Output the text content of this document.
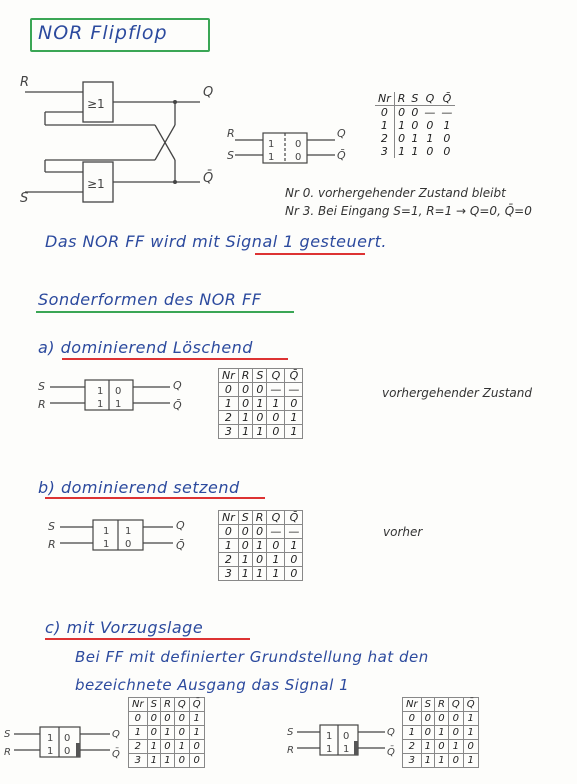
NOR Flipflop
R
S
≥1
≥1
Q
Q̄
R
S
1 0
1 0
Q
Q̄
Nr	R	S	Q	Q̄
0	0	0	—	—
1	1	0	0	1
2	0	1	1	0
3	1	1	0	0
Nr 0. vorhergehender Zustand bleibt
Nr 3. Bei Eingang S=1, R=1 → Q=0, Q̄=0
Das NOR FF wird mit Signal 1 gesteuert.
Sonderformen des NOR FF
a) dominierend Löschend
S
R
1 0
1 1
Q
Q̄
Nr	R	S	Q	Q̄
0	0	0	—	—
1	0	1	1	0
2	1	0	0	1
3	1	1	0	1
vorhergehender Zustand
b) dominierend setzend
S
R
1 1
1 0
Q
Q̄
Nr	S	R	Q	Q̄
0	0	0	—	—
1	0	1	0	1
2	1	0	1	0
3	1	1	1	0
vorher
c) mit Vorzugslage
Bei FF mit definierter Grundstellung hat den
bezeichnete Ausgang das Signal 1
S
R
1 0
1 0
Q
Q̄
Nr	S	R	Q	Q̄
0	0	0	0	1
1	0	1	0	1
2	1	0	1	0
3	1	1	0	0
S
R
1 0
1 1
Q
Q̄
Nr	S	R	Q	Q̄
0	0	0	0	1
1	0	1	0	1
2	1	0	1	0
3	1	1	0	1
